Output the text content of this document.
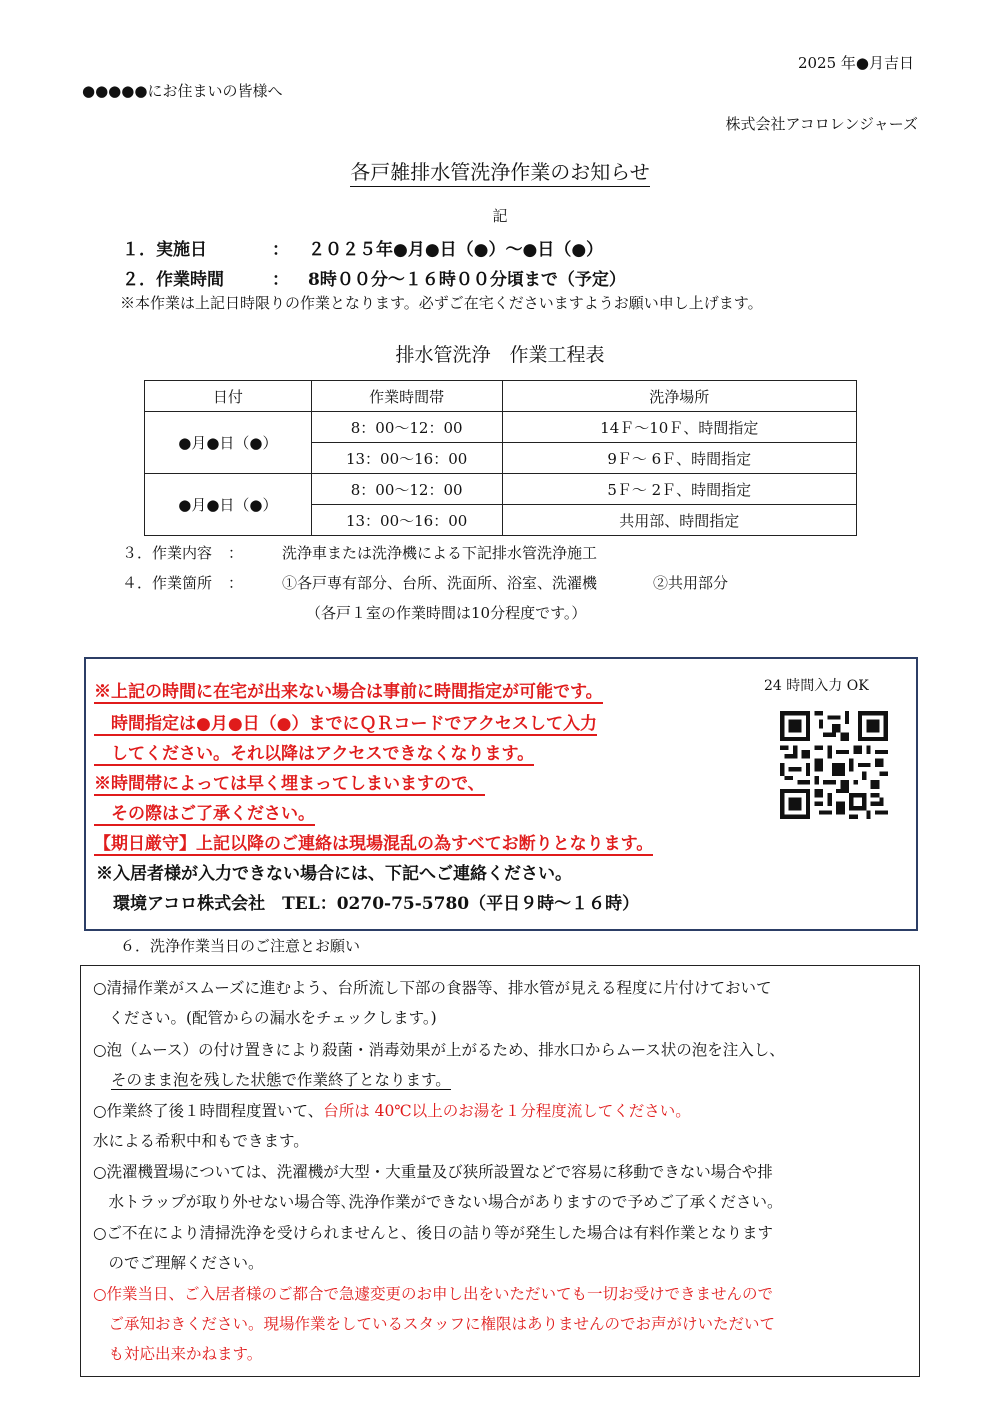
2025 年●月吉日
●●●●●にお住まいの皆様へ
株式会社アコロレンジャーズ
各戸雑排水管洗浄作業のお知らせ
記
１．実施日	： ２０２５年●月●日（●）～●日（●）
２．作業時間	： 8時００分～１６時００分頃まで（予定）
※本作業は上記日時限りの作業となります。必ずご在宅くださいますようお願い申し上げます。
排水管洗浄　作業工程表
日付	作業時間帯	洗浄場所
●月●日（●）	8：00～12：00	14Ｆ～10Ｆ、時間指定
	13：00～16：00	9Ｆ～ 6Ｆ、時間指定
●月●日（●）	8：00～12：00	5Ｆ～ 2Ｆ、時間指定
	13：00～16：00	共用部、時間指定
３．作業内容 ：	洗浄車または洗浄機による下記排水管洗浄施工
４．作業箇所 ：	①各戸専有部分、台所、洗面所、浴室、洗濯機	②共用部分
（各戸１室の作業時間は10分程度です。）
※上記の時間に在宅が出来ない場合は事前に時間指定が可能です。
　時間指定は●月●日（●）までにＱＲコードでアクセスして入力
　してください。それ以降はアクセスできなくなります。
※時間帯によっては早く埋まってしまいますので、
　その際はご了承ください。
【期日厳守】上記以降のご連絡は現場混乱の為すべてお断りとなります。
※入居者様が入力できない場合には、下記へご連絡ください。
　環境アコロ株式会社　TEL：0270-75-5780（平日９時～１６時）
24 時間入力 OK
６．洗浄作業当日のご注意とお願い
○清掃作業がスムーズに進むよう、台所流し下部の食器等、排水管が見える程度に片付けておいて
　ください。(配管からの漏水をチェックします。)
○泡（ムース）の付け置きにより殺菌・消毒効果が上がるため、排水口からムース状の泡を注入し、
そのまま泡を残した状態で作業終了となります。
○作業終了後１時間程度置いて、台所は 40℃以上のお湯を１分程度流してください。
水による希釈中和もできます。
○洗濯機置場については、洗濯機が大型・大重量及び狭所設置などで容易に移動できない場合や排
　水トラップが取り外せない場合等､洗浄作業ができない場合がありますので予めご了承ください。
○ご不在により清掃洗浄を受けられませんと、後日の詰り等が発生した場合は有料作業となります
　のでご理解ください。
○作業当日、ご入居者様のご都合で急遽変更のお申し出をいただいても一切お受けできませんので
　ご承知おきください。現場作業をしているスタッフに権限はありませんのでお声がけいただいて
　も対応出来かねます。
